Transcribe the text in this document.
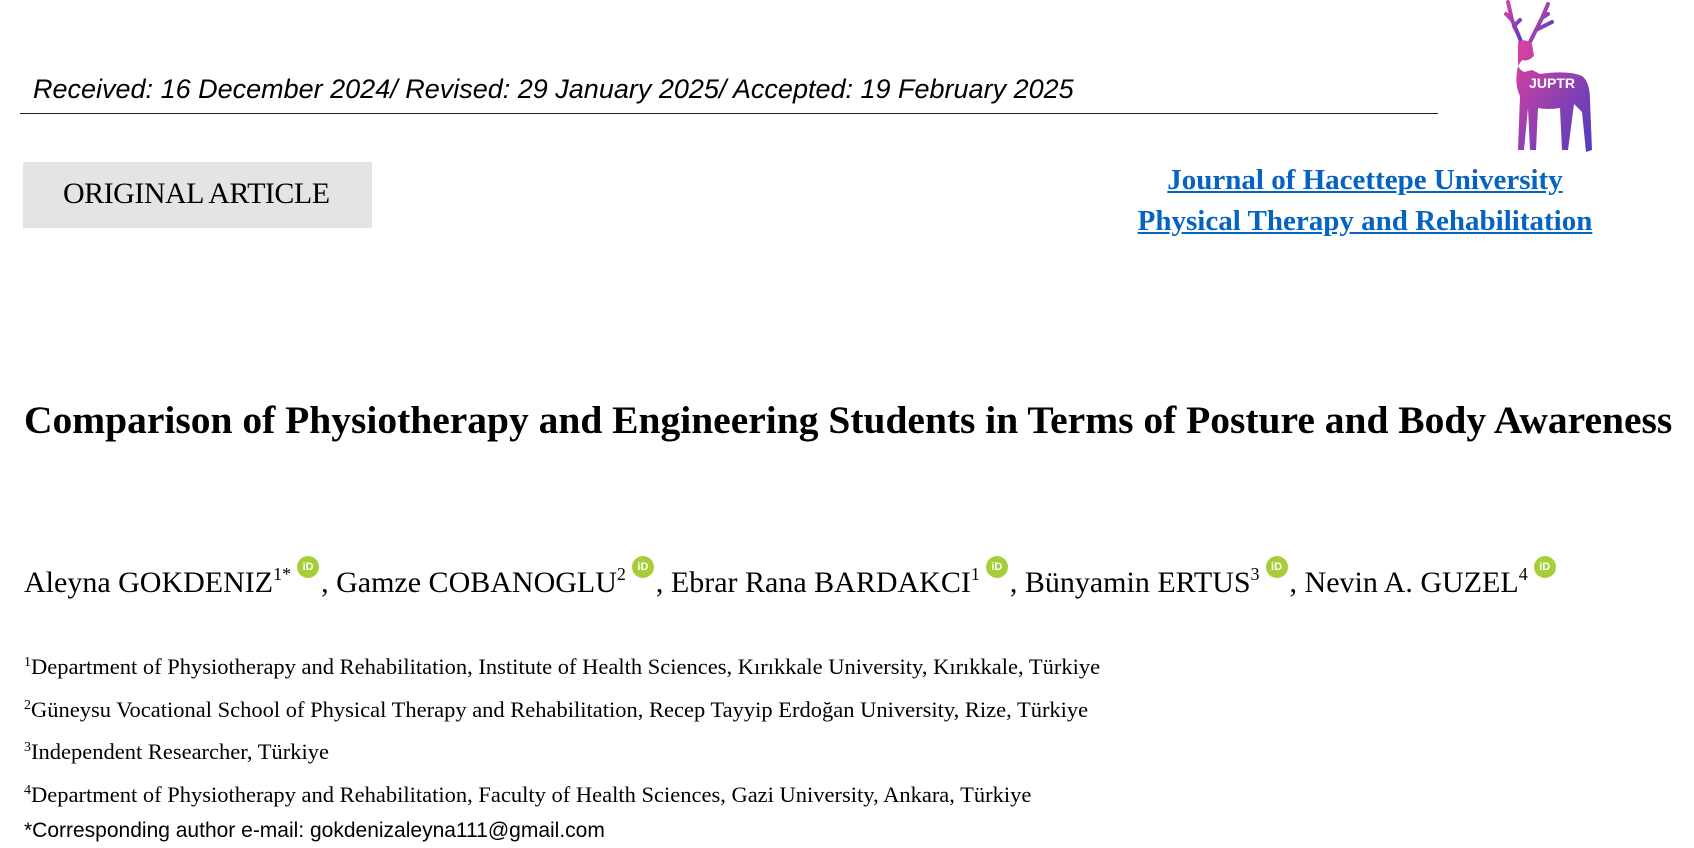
Received: 16 December 2024/ Revised: 29 January 2025/ Accepted: 19 February 2025	JUPTR
ORIGINAL ARTICLE	Journal of Hacettepe University
Physical Therapy and Rehabilitation
Comparison of Physiotherapy and Engineering Students in Terms of Posture and Body Awareness
Aleyna $GOKDENIZ^{1*}$ iD , Gamze COBANOGLU$^2$ iD , Ebrar Rana BARDAKCI$^1$ iD , Bünyamin ERTUS$^3$ iD , Nevin A. GUZEL$^4$ iD
$^1$Department of Physiotherapy and Rehabilitation, Institute of Health Sciences, Kırıkkale University, Kırıkkale, Türkiye
$^2$Güneysu Vocational School of Physical Therapy and Rehabilitation, Recep Tayyip Erdoğan University, Rize, Türkiye
$^3$Independent Researcher, Türkiye
$^4$Department of Physiotherapy and Rehabilitation, Faculty of Health Sciences, Gazi University, Ankara, Türkiye
*Corresponding author e-mail: gokdenizaleyna111@gmail.com
